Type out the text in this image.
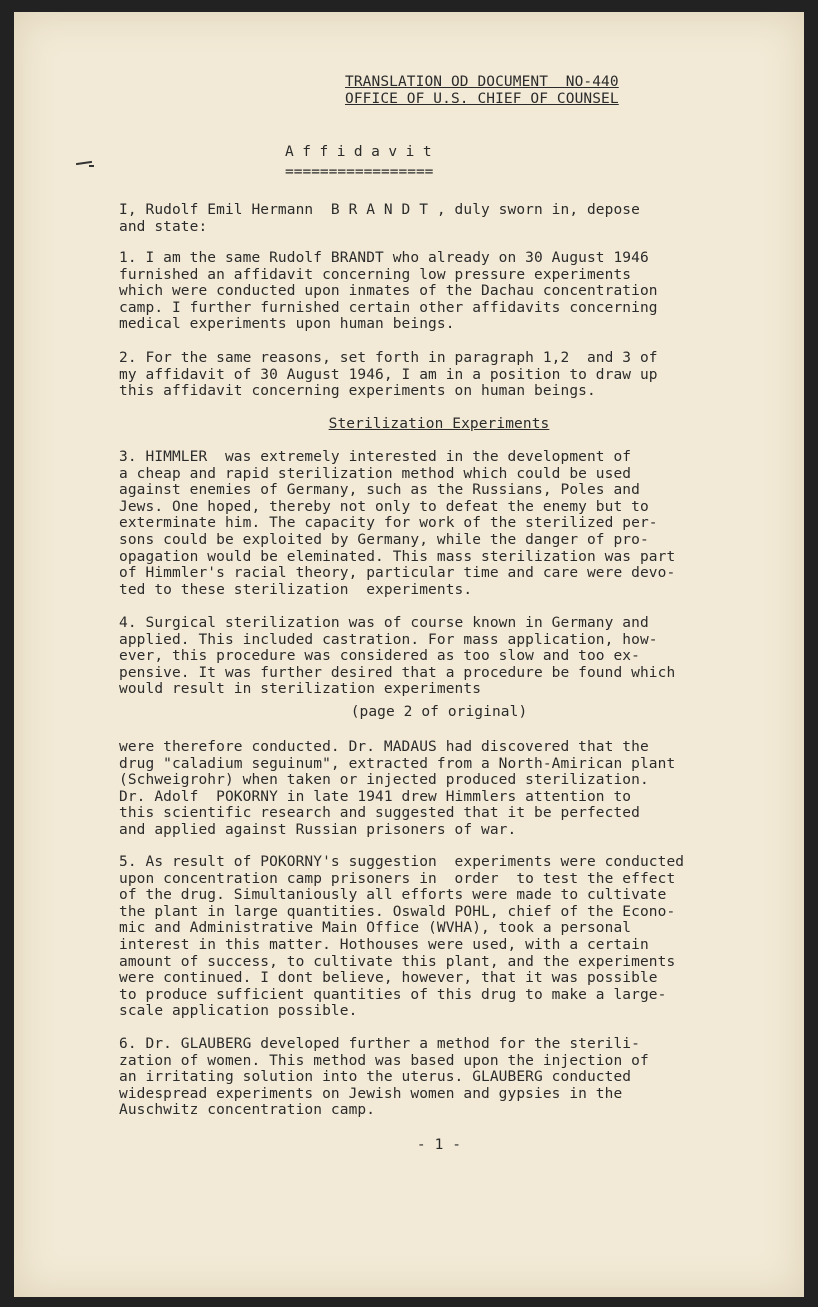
TRANSLATION OD DOCUMENT  NO-440

OFFICE OF U.S. CHIEF OF COUNSEL

Affidavit

=================

I, Rudolf Emil Hermann  B R A N D T , duly sworn in, depose
and state:

1. I am the same Rudolf BRANDT who already on 30 August 1946
furnished an affidavit concerning low pressure experiments
which were conducted upon inmates of the Dachau concentration
camp. I further furnished certain other affidavits concerning
medical experiments upon human beings.

2. For the same reasons, set forth in paragraph 1,2  and 3 of
my affidavit of 30 August 1946, I am in a position to draw up
this affidavit concerning experiments on human beings.

Sterilization Experiments

3. HIMMLER  was extremely interested in the development of
a cheap and rapid sterilization method which could be used
against enemies of Germany, such as the Russians, Poles and
Jews. One hoped, thereby not only to defeat the enemy but to
exterminate him. The capacity for work of the sterilized per-
sons could be exploited by Germany, while the danger of pro-
opagation would be eleminated. This mass sterilization was part
of Himmler's racial theory, particular time and care were devo-
ted to these sterilization  experiments.

4. Surgical sterilization was of course known in Germany and
applied. This included castration. For mass application, how-
ever, this procedure was considered as too slow and too ex-
pensive. It was further desired that a procedure be found which
would result in sterilization experiments

(page 2 of original)

were therefore conducted. Dr. MADAUS had discovered that the
drug "caladium seguinum", extracted from a North-Amirican plant
(Schweigrohr) when taken or injected produced sterilization.
Dr. Adolf  POKORNY in late 1941 drew Himmlers attention to
this scientific research and suggested that it be perfected
and applied against Russian prisoners of war.

5. As result of POKORNY's suggestion  experiments were conducted
upon concentration camp prisoners in  order  to test the effect
of the drug. Simultaniously all efforts were made to cultivate
the plant in large quantities. Oswald POHL, chief of the Econo-
mic and Administrative Main Office (WVHA), took a personal
interest in this matter. Hothouses were used, with a certain
amount of success, to cultivate this plant, and the experiments
were continued. I dont believe, however, that it was possible
to produce sufficient quantities of this drug to make a large-
scale application possible.

6. Dr. GLAUBERG developed further a method for the sterili-
zation of women. This method was based upon the injection of
an irritating solution into the uterus. GLAUBERG conducted
widespread experiments on Jewish women and gypsies in the
Auschwitz concentration camp.

- 1 -
